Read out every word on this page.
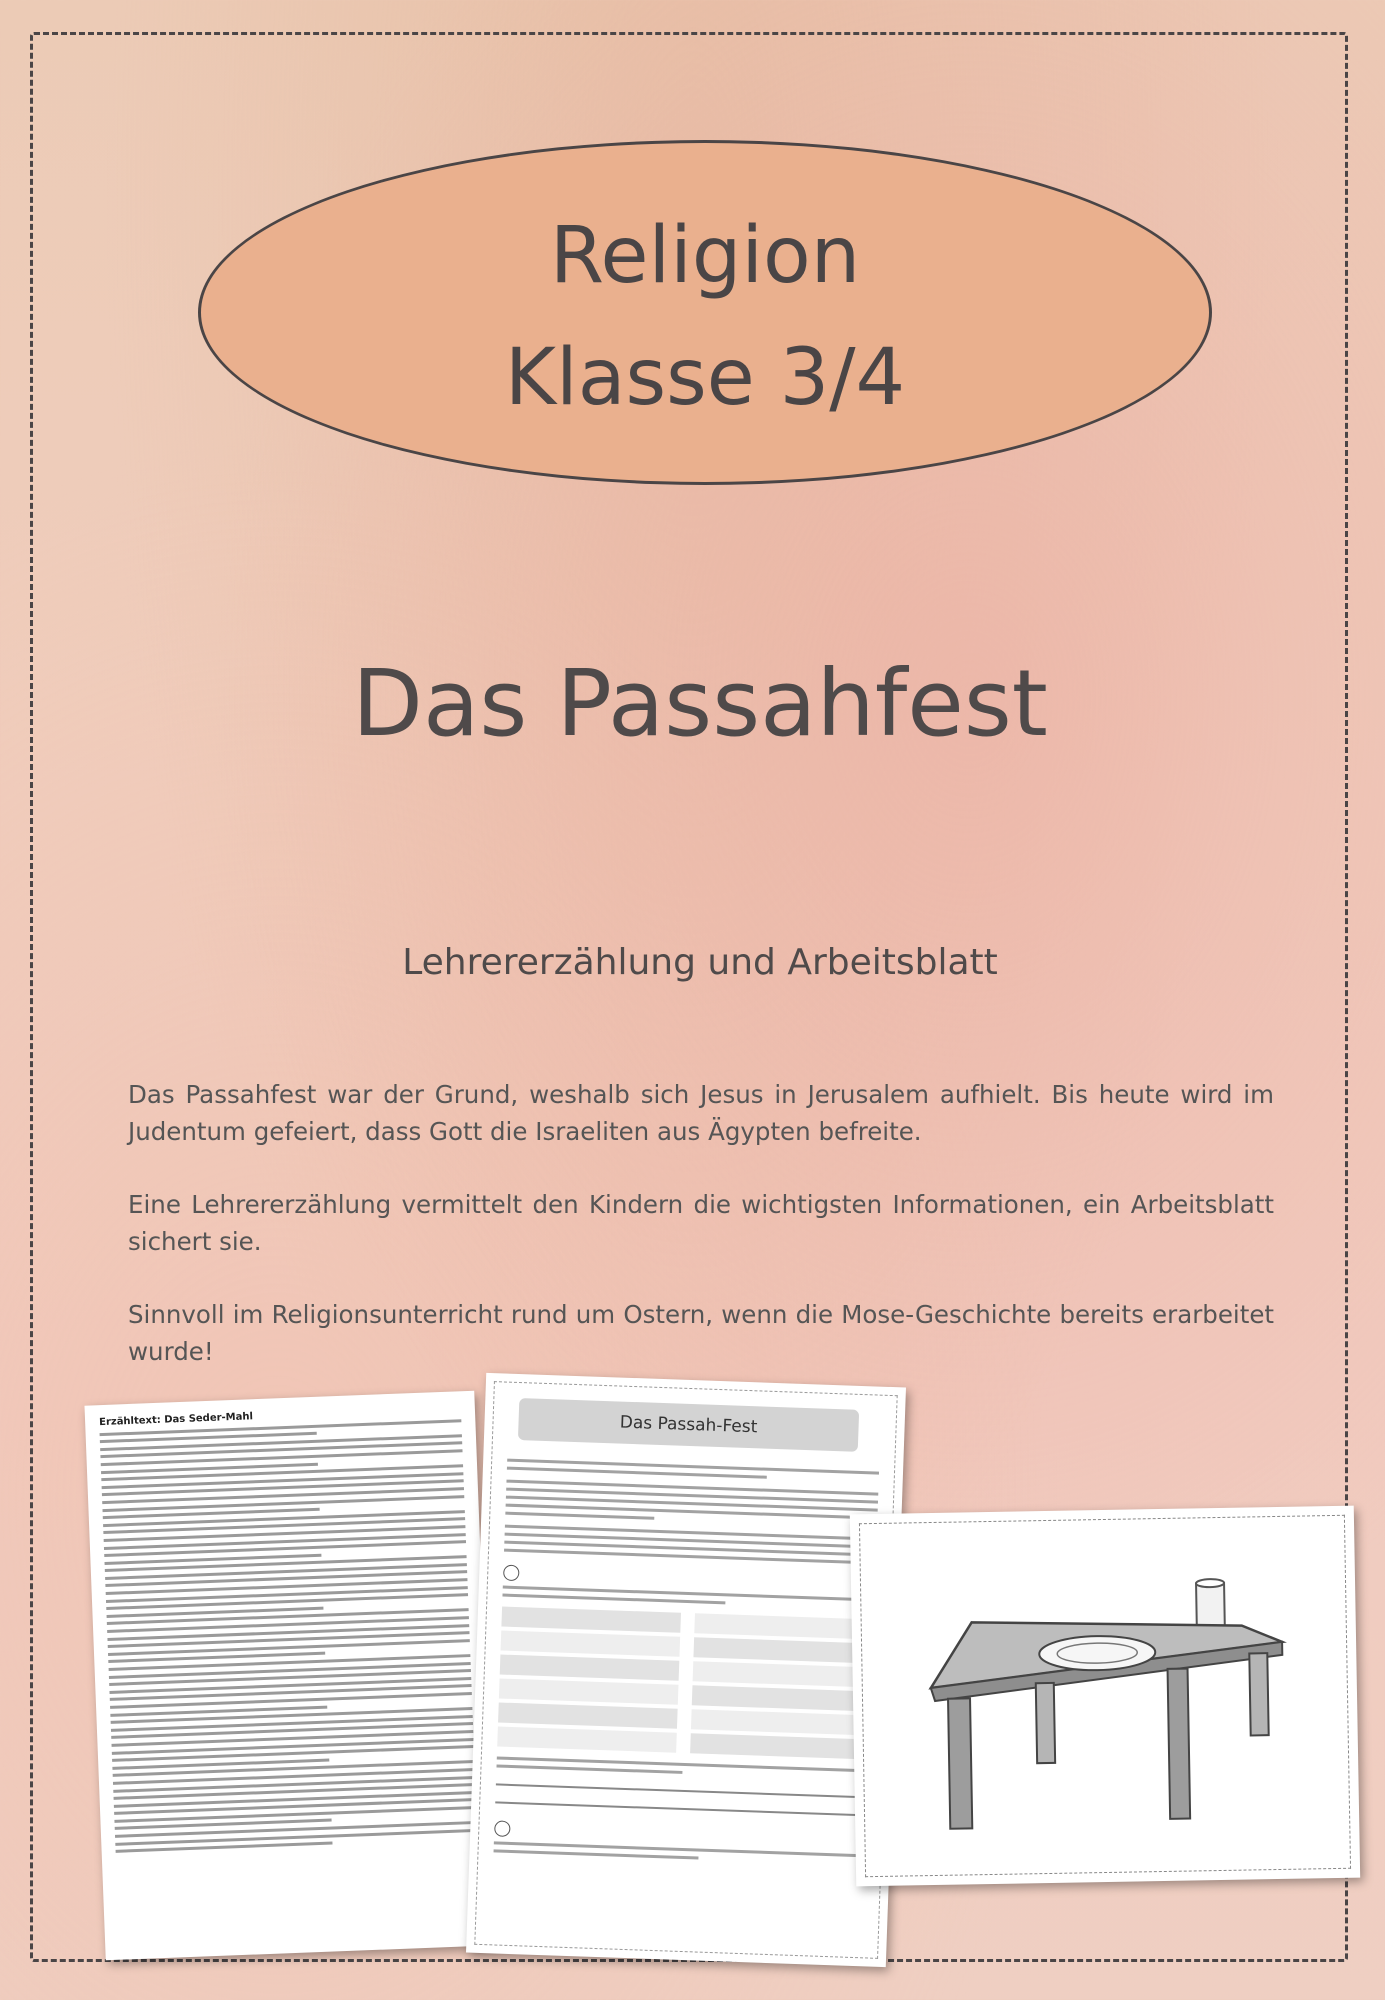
Religion
Klasse 3/4
Das Passahfest
Lehrererzählung und Arbeitsblatt

Das Passahfest war der Grund, weshalb sich Jesus in Jerusalem aufhielt. Bis heute wird im Judentum gefeiert, dass Gott die Israeliten aus Ägypten befreite.

Eine Lehrererzählung vermittelt den Kindern die wichtigsten Informationen, ein Arbeitsblatt sichert sie.

Sinnvoll im Religionsunterricht rund um Ostern, wenn die Mose-Geschichte bereits erarbeitet wurde!

Erzähltext: Das Seder-Mahl	Das Passah-Fest
